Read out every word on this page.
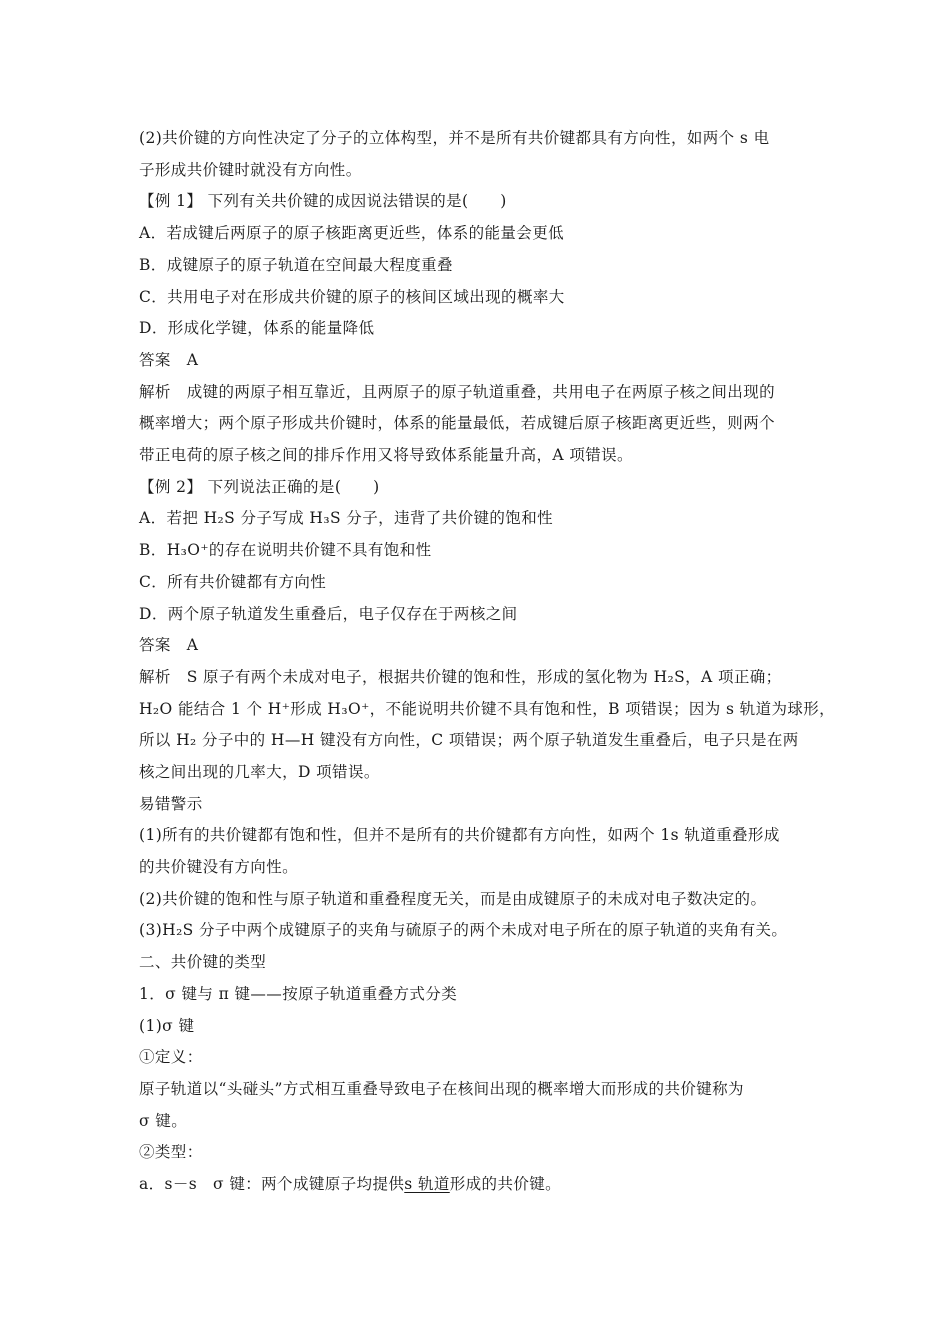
(2)共价键的方向性决定了分子的立体构型，并不是所有共价键都具有方向性，如两个 s 电
子形成共价键时就没有方向性。
【例 1】 下列有关共价键的成因说法错误的是(　　)
A．若成键后两原子的原子核距离更近些，体系的能量会更低
B．成键原子的原子轨道在空间最大程度重叠
C．共用电子对在形成共价键的原子的核间区域出现的概率大
D．形成化学键，体系的能量降低
答案　A
解析　成键的两原子相互靠近，且两原子的原子轨道重叠，共用电子在两原子核之间出现的
概率增大；两个原子形成共价键时，体系的能量最低，若成键后原子核距离更近些，则两个
带正电荷的原子核之间的排斥作用又将导致体系能量升高，A 项错误。
【例 2】 下列说法正确的是(　　)
A．若把 H₂S 分子写成 H₃S 分子，违背了共价键的饱和性
B．H₃O⁺的存在说明共价键不具有饱和性
C．所有共价键都有方向性
D．两个原子轨道发生重叠后，电子仅存在于两核之间
答案　A
解析　S 原子有两个未成对电子，根据共价键的饱和性，形成的氢化物为 H₂S，A 项正确；
H₂O 能结合 1 个 H⁺形成 H₃O⁺，不能说明共价键不具有饱和性，B 项错误；因为 s 轨道为球形，
所以 H₂ 分子中的 H—H 键没有方向性，C 项错误；两个原子轨道发生重叠后，电子只是在两
核之间出现的几率大，D 项错误。
易错警示
(1)所有的共价键都有饱和性，但并不是所有的共价键都有方向性，如两个 1s 轨道重叠形成
的共价键没有方向性。
(2)共价键的饱和性与原子轨道和重叠程度无关，而是由成键原子的未成对电子数决定的。
(3)H₂S 分子中两个成键原子的夹角与硫原子的两个未成对电子所在的原子轨道的夹角有关。
二、共价键的类型
1．σ 键与 π 键——按原子轨道重叠方式分类
(1)σ 键
①定义：
原子轨道以“头碰头”方式相互重叠导致电子在核间出现的概率增大而形成的共价键称为
σ 键。
②类型：
a．s－s　σ 键：两个成键原子均提供s 轨道形成的共价键。
